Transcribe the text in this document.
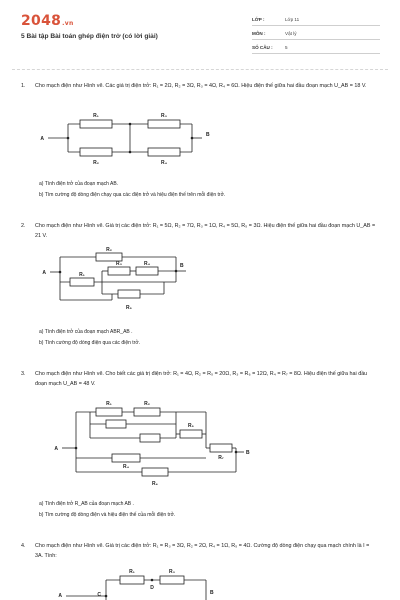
2048.vn
5 Bài tập Bài toán ghép điện trở (có lời giải)
LỚP :	Lớp 11
MÔN :	Vật lý
SỐ CÂU :	5
1. Cho mạch điện như Hình vẽ. Các giá trị điện trở: R₁ = 2Ω, R₂ = 3Ω, R₃ = 4Ω, R₄ = 6Ω. Hiệu điện thế giữa hai đầu đoạn mạch U_AB = 18 V.
A
B
R₁	R₃
R₂	R₄
a) Tính điện trở của đoạn mạch AB.
b) Tìm cường độ dòng điện chạy qua các điện trở và hiệu điện thế trên mỗi điện trở.
2. Cho mạch điện như Hình vẽ. Giá trị các điện trở: R₁ = 5Ω, R₂ = 7Ω, R₃ = 1Ω, R₄ = 5Ω, R₅ = 3Ω. Hiệu điện thế giữa hai đầu đoạn mạch U_AB = 21 V.
A
B
R₂
R₁
R₃	R₄
R₅
a) Tính điện trở của đoạn mạch ABR_AB .
b) Tính cường độ dòng điện qua các điện trở.
3. Cho mạch điện như Hình vẽ. Cho biết các giá trị điện trở: R₁ = 4Ω, R₂ = R₅ = 20Ω, R₃ = R₆ = 12Ω, R₄ = R₇ = 8Ω. Hiệu điện thế giữa hai đầu đoạn mạch U_AB = 48 V.
A
B
R₁	R₂
R₅
R₄
R₆
R₇
a) Tính điện trở R_AB của đoạn mạch AB .
b) Tìm cường độ dòng điện và hiệu điện thế của mỗi điện trở.
4. Cho mạch điện như Hình vẽ. Giá trị các điện trở: R₁ = R₃ = 3Ω, R₂ = 2Ω, R₄ = 1Ω, R₅ = 4Ω. Cường độ dòng điện chạy qua mạch chính là I = 3A. Tính:
A	C
D
B
R₁	R₃
